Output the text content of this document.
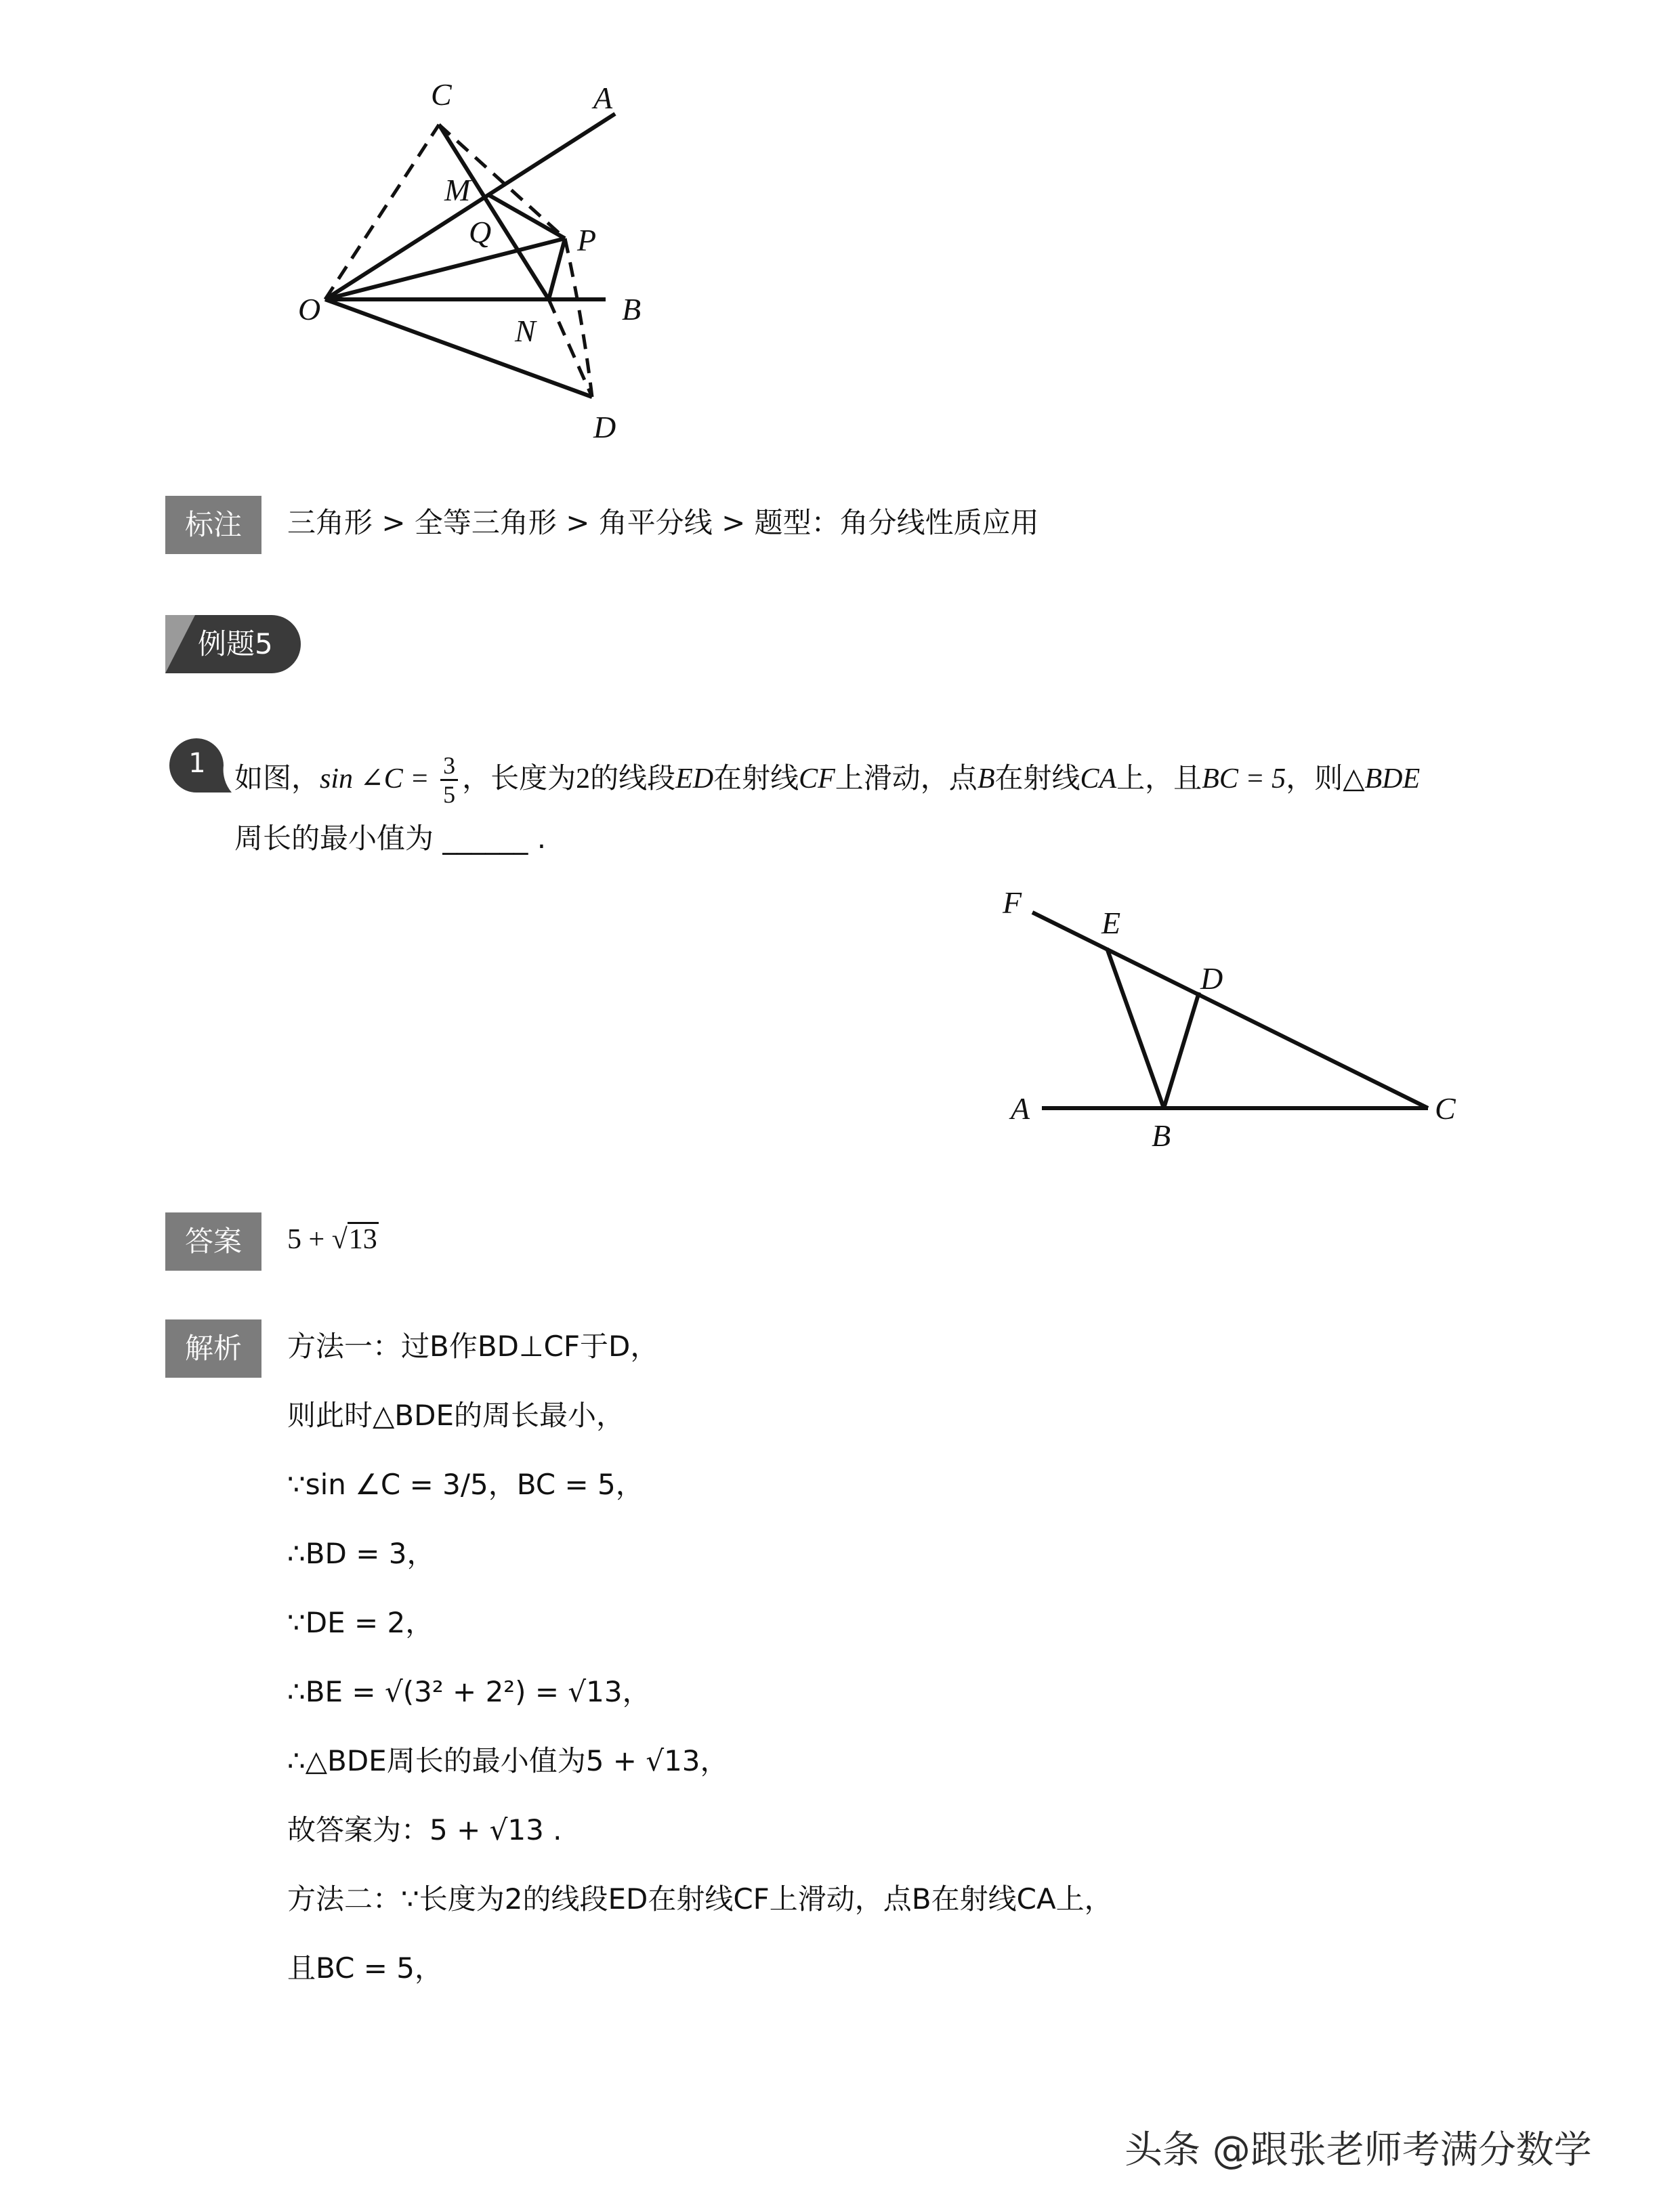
C	A
M
Q	P
O	B
N
D
标注	三角形 > 全等三角形 > 角平分线 > 题型：角分线性质应用
例题5
1 如图，sin ∠C = $\frac{3}{5}$ ，长度为2的线段ED在射线CF上滑动，点B在射线CA上，且BC = 5，则△BDE
周长的最小值为 ______ .
F
E
D
A
B
C
答案	5 + √13
解析	方法一：过B作BD⊥CF于D，
则此时△BDE的周长最小，
∵sin ∠C = 3/5，BC = 5，
∴BD = 3，
∵DE = 2，
∴BE = √(3² + 2²) = √13，
∴△BDE周长的最小值为5 + √13，
故答案为：5 + √13 .
方法二：∵长度为2的线段ED在射线CF上滑动，点B在射线CA上，
且BC = 5，
头条 @跟张老师考满分数学
